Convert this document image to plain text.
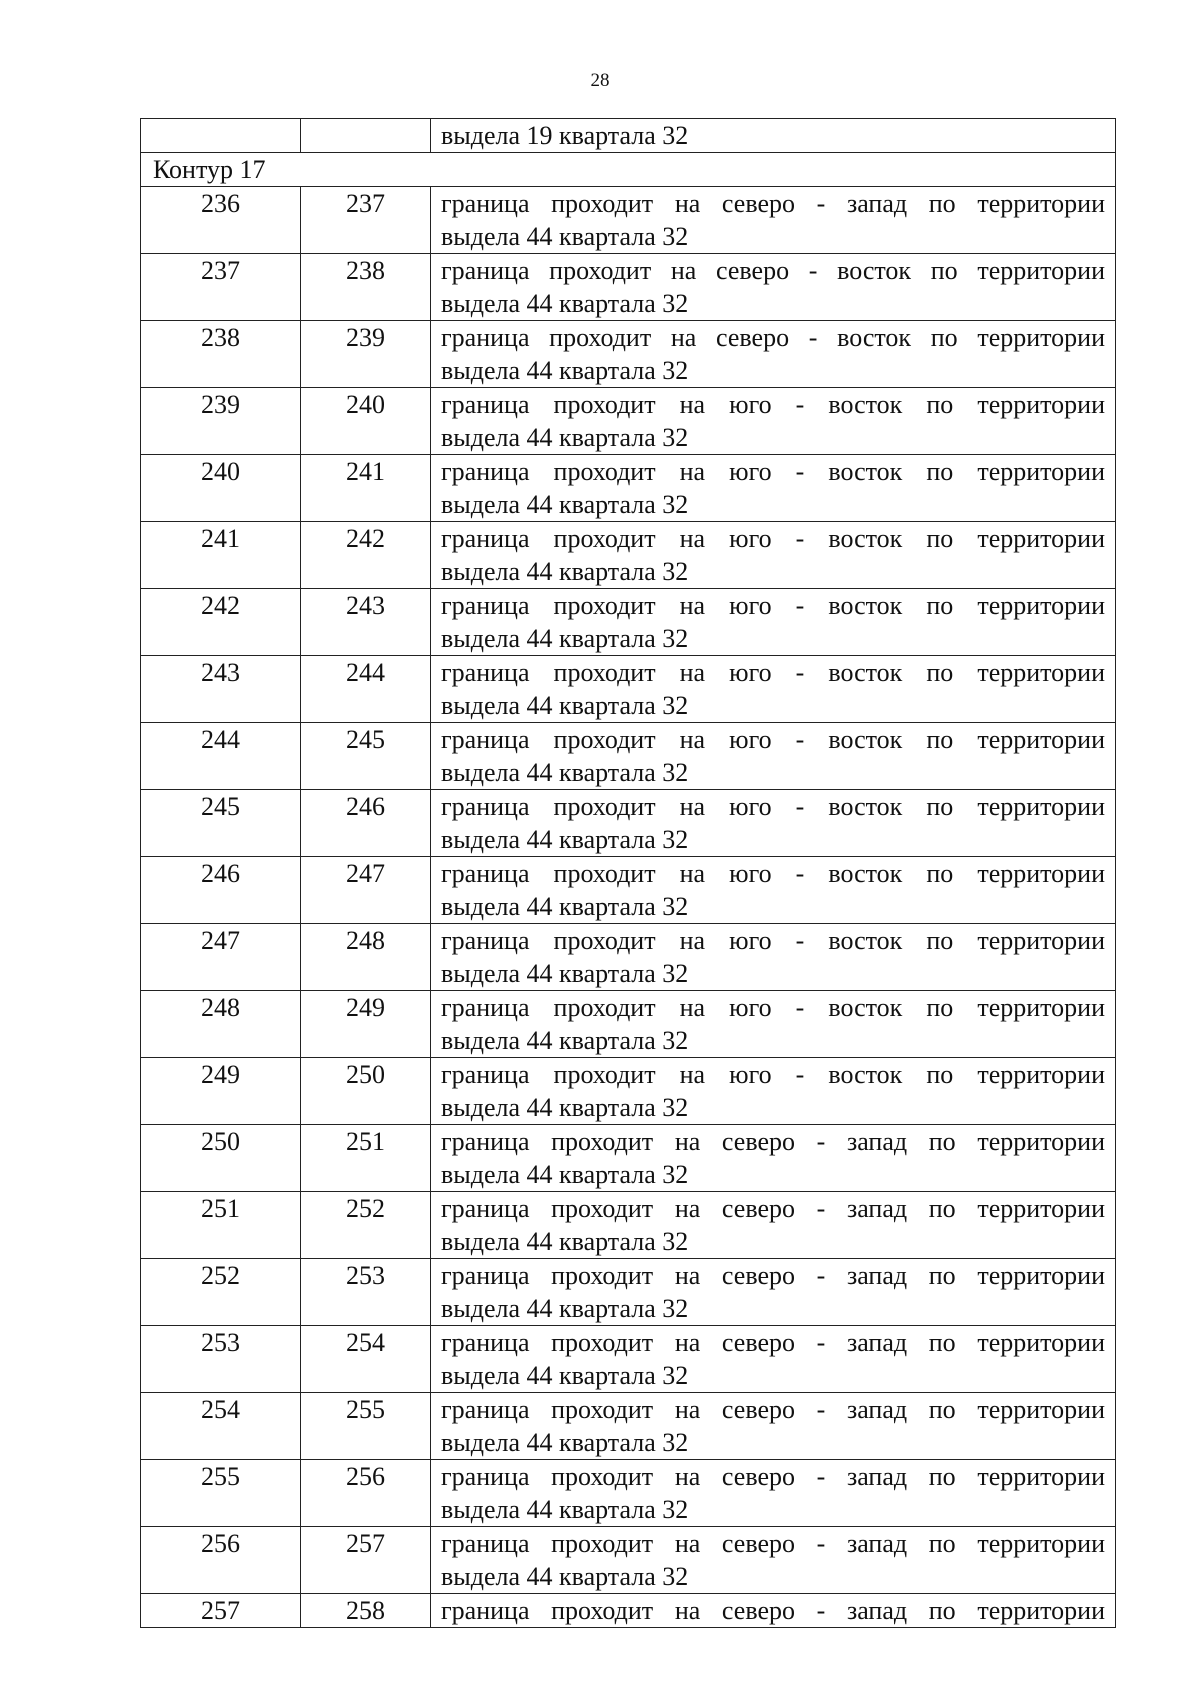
28
		выдела 19 квартала 32
Контур 17		
236	237	граница проходит на северо - запад по территории
выдела 44 квартала 32

237	238	граница проходит на северо - восток по территории
выдела 44 квартала 32

238	239	граница проходит на северо - восток по территории
выдела 44 квартала 32

239	240	граница проходит на юго - восток по территории
выдела 44 квартала 32

240	241	граница проходит на юго - восток по территории
выдела 44 квартала 32

241	242	граница проходит на юго - восток по территории
выдела 44 квартала 32

242	243	граница проходит на юго - восток по территории
выдела 44 квартала 32

243	244	граница проходит на юго - восток по территории
выдела 44 квартала 32

244	245	граница проходит на юго - восток по территории
выдела 44 квартала 32

245	246	граница проходит на юго - восток по территории
выдела 44 квартала 32

246	247	граница проходит на юго - восток по территории
выдела 44 квартала 32

247	248	граница проходит на юго - восток по территории
выдела 44 квартала 32

248	249	граница проходит на юго - восток по территории
выдела 44 квартала 32

249	250	граница проходит на юго - восток по территории
выдела 44 квартала 32

250	251	граница проходит на северо - запад по территории
выдела 44 квартала 32

251	252	граница проходит на северо - запад по территории
выдела 44 квартала 32

252	253	граница проходит на северо - запад по территории
выдела 44 квартала 32

253	254	граница проходит на северо - запад по территории
выдела 44 квартала 32

254	255	граница проходит на северо - запад по территории
выдела 44 квартала 32

255	256	граница проходит на северо - запад по территории
выдела 44 квартала 32

256	257	граница проходит на северо - запад по территории
выдела 44 квартала 32

257	258	граница проходит на северо - запад по территории
